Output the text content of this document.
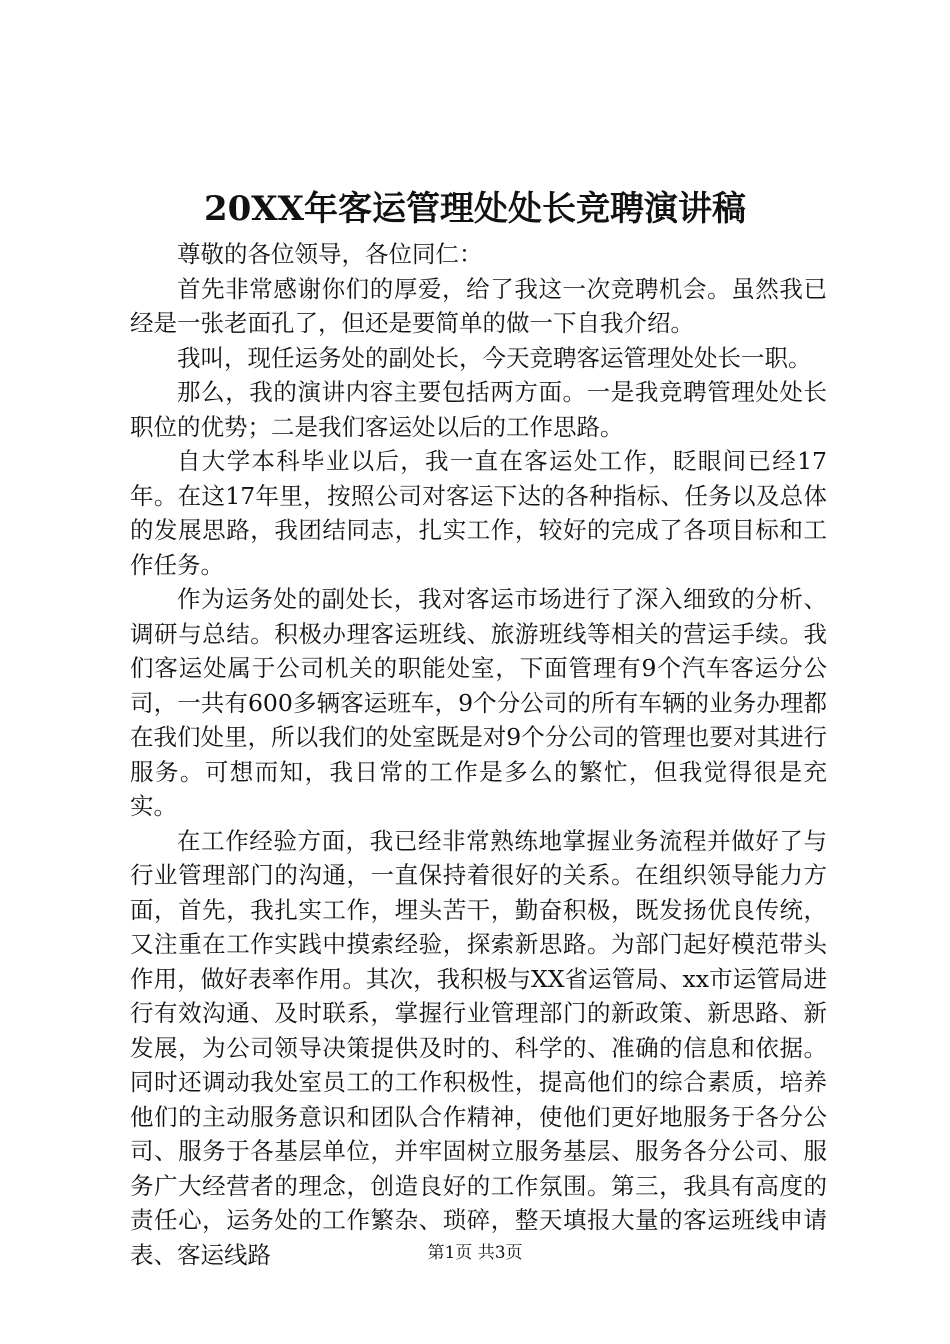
20XX年客运管理处处长竞聘演讲稿

尊敬的各位领导，各位同仁：

首先非常感谢你们的厚爱，给了我这一次竞聘机会。虽然我已经是一张老面孔了，但还是要简单的做一下自我介绍。

我叫，现任运务处的副处长，今天竞聘客运管理处处长一职。

那么，我的演讲内容主要包括两方面。一是我竞聘管理处处长职位的优势；二是我们客运处以后的工作思路。

自大学本科毕业以后，我一直在客运处工作，眨眼间已经17年。在这17年里，按照公司对客运下达的各种指标、任务以及总体的发展思路，我团结同志，扎实工作，较好的完成了各项目标和工作任务。

作为运务处的副处长，我对客运市场进行了深入细致的分析、调研与总结。积极办理客运班线、旅游班线等相关的营运手续。我们客运处属于公司机关的职能处室，下面管理有9个汽车客运分公司，一共有600多辆客运班车，9个分公司的所有车辆的业务办理都在我们处里，所以我们的处室既是对9个分公司的管理也要对其进行服务。可想而知，我日常的工作是多么的繁忙，但我觉得很是充实。

在工作经验方面，我已经非常熟练地掌握业务流程并做好了与行业管理部门的沟通，一直保持着很好的关系。在组织领导能力方面，首先，我扎实工作，埋头苦干，勤奋积极，既发扬优良传统，又注重在工作实践中摸索经验，探索新思路。为部门起好模范带头作用，做好表率作用。其次，我积极与XX省运管局、xx市运管局进行有效沟通、及时联系，掌握行业管理部门的新政策、新思路、新发展，为公司领导决策提供及时的、科学的、准确的信息和依据。同时还调动我处室员工的工作积极性，提高他们的综合素质，培养他们的主动服务意识和团队合作精神，使他们更好地服务于各分公司、服务于各基层单位，并牢固树立服务基层、服务各分公司、服务广大经营者的理念，创造良好的工作氛围。第三，我具有高度的责任心，运务处的工作繁杂、琐碎，整天填报大量的客运班线申请表、客运线路	第1页 共3页
